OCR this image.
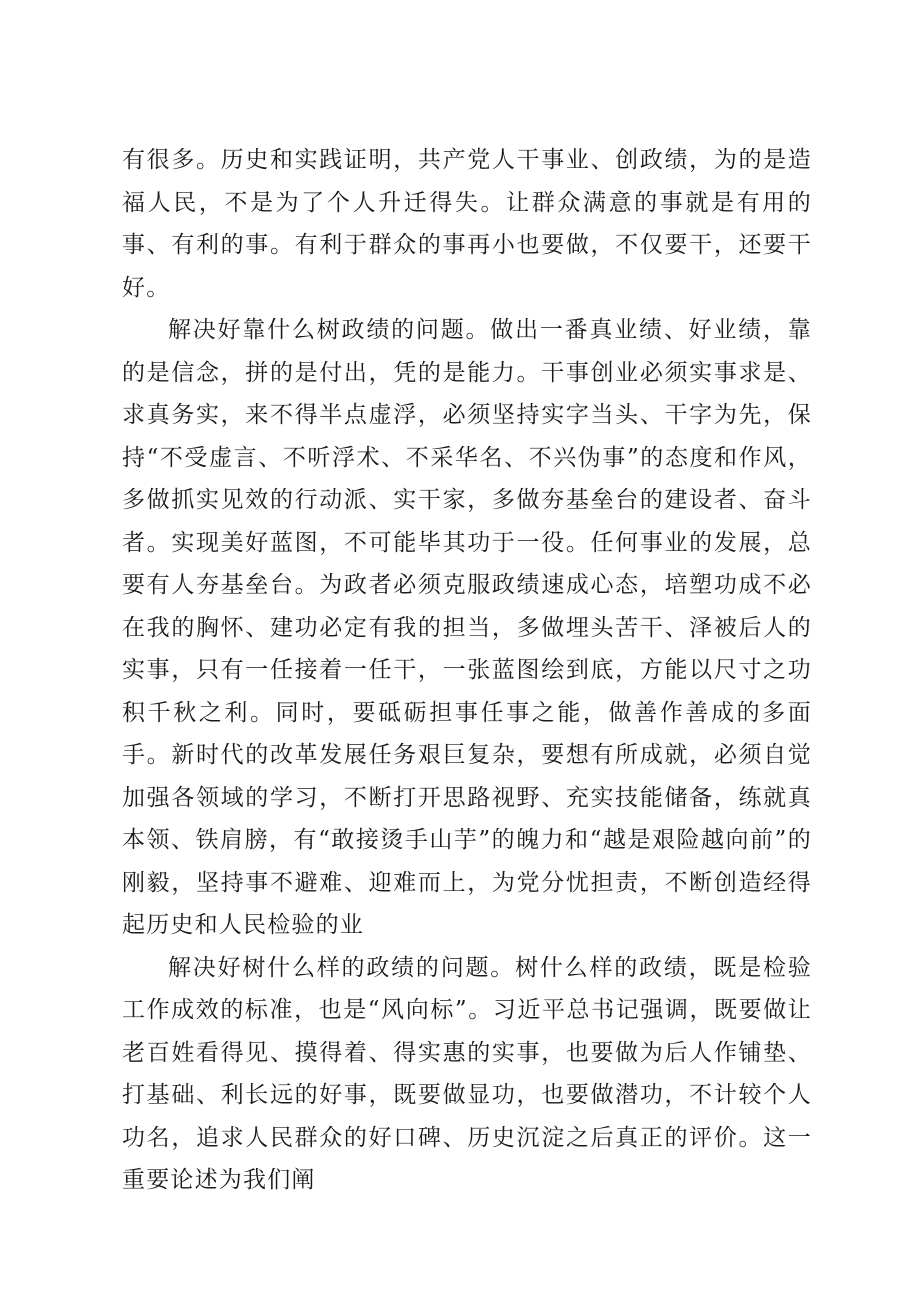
有很多。历史和实践证明，共产党人干事业、创政绩，为的是造福人民，不是为了个人升迁得失。让群众满意的事就是有用的事、有利的事。有利于群众的事再小也要做，不仅要干，还要干好。

解决好靠什么树政绩的问题。做出一番真业绩、好业绩，靠的是信念，拼的是付出，凭的是能力。干事创业必须实事求是、求真务实，来不得半点虚浮，必须坚持实字当头、干字为先，保持“不受虚言、不听浮术、不采华名、不兴伪事”的态度和作风，多做抓实见效的行动派、实干家，多做夯基垒台的建设者、奋斗者。实现美好蓝图，不可能毕其功于一役。任何事业的发展，总要有人夯基垒台。为政者必须克服政绩速成心态，培塑功成不必在我的胸怀、建功必定有我的担当，多做埋头苦干、泽被后人的实事，只有一任接着一任干，一张蓝图绘到底，方能以尺寸之功积千秋之利。同时，要砥砺担事任事之能，做善作善成的多面手。新时代的改革发展任务艰巨复杂，要想有所成就，必须自觉加强各领域的学习，不断打开思路视野、充实技能储备，练就真本领、铁肩膀，有“敢接烫手山芋”的魄力和“越是艰险越向前”的刚毅，坚持事不避难、迎难而上，为党分忧担责，不断创造经得起历史和人民检验的业

解决好树什么样的政绩的问题。树什么样的政绩，既是检验工作成效的标准，也是“风向标”。习近平总书记强调，既要做让老百姓看得见、摸得着、得实惠的实事，也要做为后人作铺垫、打基础、利长远的好事，既要做显功，也要做潜功，不计较个人功名，追求人民群众的好口碑、历史沉淀之后真正的评价。这一重要论述为我们阐
